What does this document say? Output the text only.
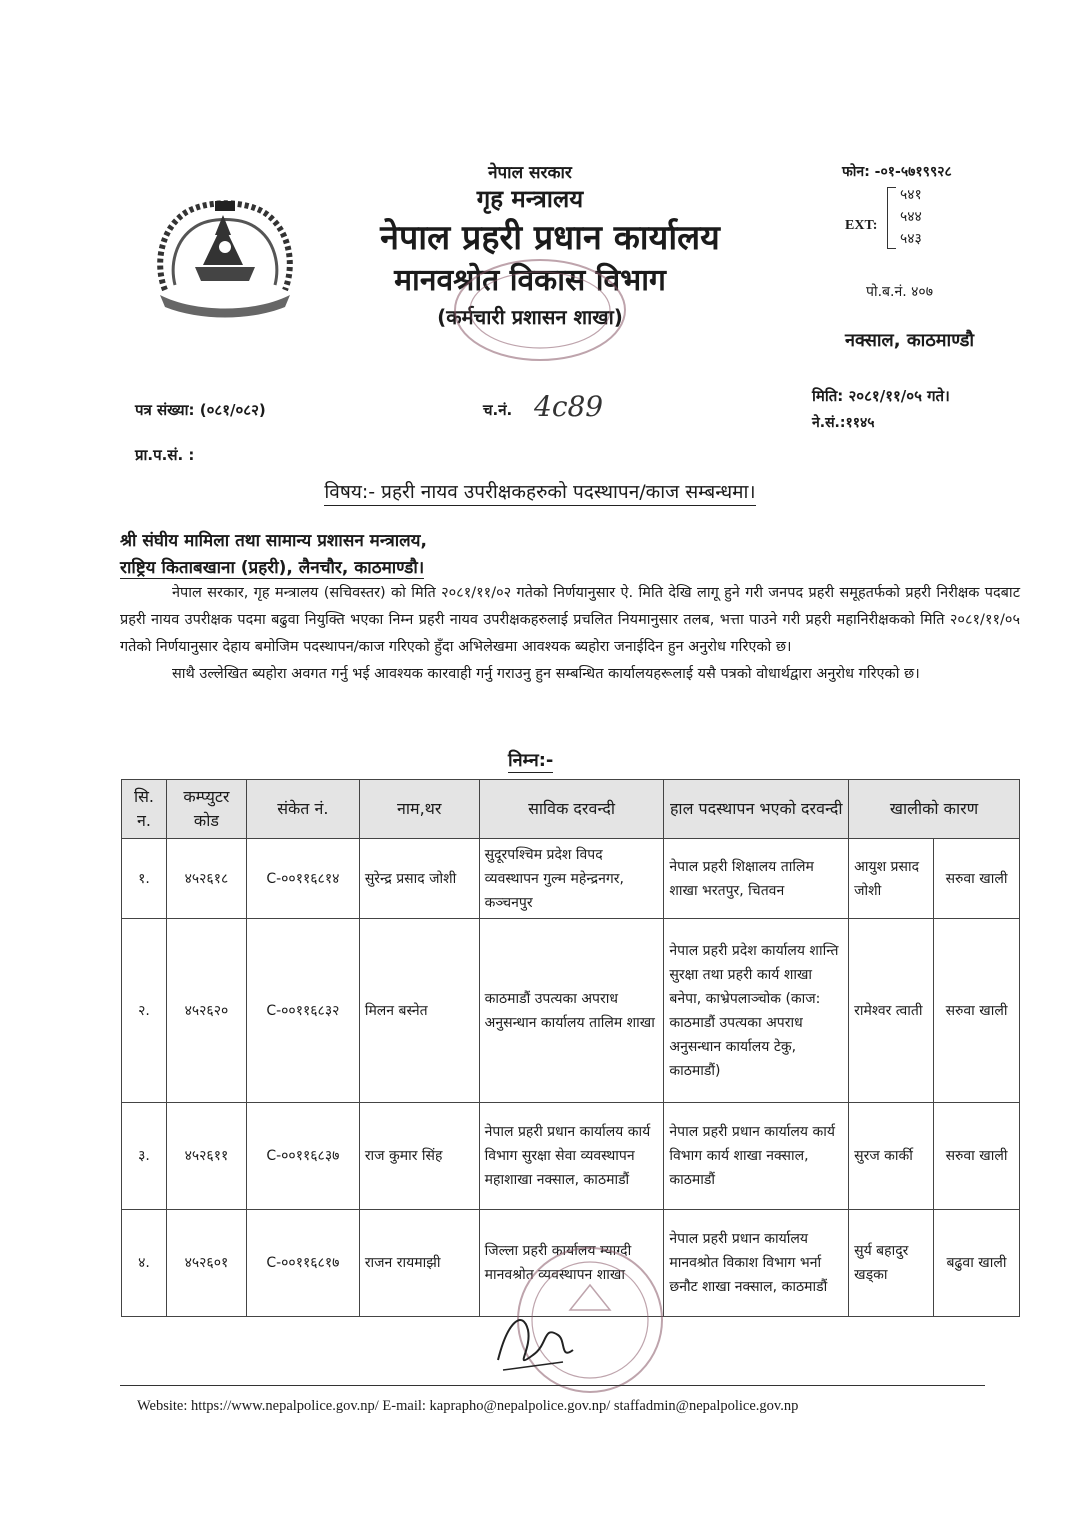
नेपाल सरकार
गृह मन्त्रालय
नेपाल प्रहरी प्रधान कार्यालय
मानवश्रोत विकास विभाग
(कर्मचारी प्रशासन शाखा)
फोन: -०१-५७१९९२८
EXT:
५४१
५४४
५४३
पो.ब.नं. ४०७
नक्साल, काठमाण्डौ
पत्र संख्या: (०८१/०८२)	च.नं. 4c89	मिति: २०८१/११/०५ गते।
ने.सं.:११४५
प्रा.प.सं. :
विषय:- प्रहरी नायव उपरीक्षकहरुको पदस्थापन/काज सम्बन्धमा।
श्री संघीय मामिला तथा सामान्य प्रशासन मन्त्रालय,
राष्ट्रिय किताबखाना (प्रहरी), लैनचौर, काठमाण्डौ।

नेपाल सरकार, गृह मन्त्रालय (सचिवस्तर) को मिति २०८१/११/०२ गतेको निर्णयानुसार ऐ. मिति देखि लागू हुने गरी जनपद प्रहरी समूहतर्फको प्रहरी निरीक्षक पदबाट प्रहरी नायव उपरीक्षक पदमा बढुवा नियुक्ति भएका निम्न प्रहरी नायव उपरीक्षकहरुलाई प्रचलित नियमानुसार तलब, भत्ता पाउने गरी प्रहरी महानिरीक्षकको मिति २०८१/११/०५ गतेको निर्णयानुसार देहाय बमोजिम पदस्थापन/काज गरिएको हुँदा अभिलेखमा आवश्यक ब्यहोरा जनाईदिन हुन अनुरोध गरिएको छ।

साथै उल्लेखित ब्यहोरा अवगत गर्नु भई आवश्यक कारवाही गर्नु गराउनु हुन सम्बन्धित कार्यालयहरूलाई यसै पत्रको वोधार्थद्वारा अनुरोध गरिएको छ।

निम्न:-
सि. न.	कम्प्युटर कोड	संकेत नं.	नाम,थर	साविक दरवन्दी	हाल पदस्थापन भएको दरवन्दी	खालीको कारण	
१.	४५२६१८	C-००११६८१४	सुरेन्द्र प्रसाद जोशी	सुदूरपश्चिम प्रदेश विपद व्यवस्थापन गुल्म महेन्द्रनगर, कञ्चनपुर	नेपाल प्रहरी शिक्षालय तालिम शाखा भरतपुर, चितवन	आयुश प्रसाद जोशी	सरुवा खाली
२.	४५२६२०	C-००११६८३२	मिलन बस्नेत	काठमाडौं उपत्यका अपराध अनुसन्धान कार्यालय तालिम शाखा	नेपाल प्रहरी प्रदेश कार्यालय शान्ति सुरक्षा तथा प्रहरी कार्य शाखा बनेपा, काभ्रेपलाञ्चोक (काज: काठमाडौं उपत्यका अपराध अनुसन्धान कार्यालय टेकु, काठमाडौं)	रामेश्वर त्वाती	सरुवा खाली
३.	४५२६११	C-००११६८३७	राज कुमार सिंह	नेपाल प्रहरी प्रधान कार्यालय कार्य विभाग सुरक्षा सेवा व्यवस्थापन महाशाखा नक्साल, काठमाडौं	नेपाल प्रहरी प्रधान कार्यालय कार्य विभाग कार्य शाखा नक्साल, काठमाडौं	सुरज कार्की	सरुवा खाली
४.	४५२६०१	C-००११६८१७	राजन रायमाझी	जिल्ला प्रहरी कार्यालय म्याग्दी मानवश्रोत व्यवस्थापन शाखा	नेपाल प्रहरी प्रधान कार्यालय मानवश्रोत विकाश विभाग भर्ना छनौट शाखा नक्साल, काठमाडौं	सुर्य बहादुर खड्का	बढुवा खाली
Website: https://www.nepalpolice.gov.np/ E-mail: kaprapho@nepalpolice.gov.np/ staffadmin@nepalpolice.gov.np
